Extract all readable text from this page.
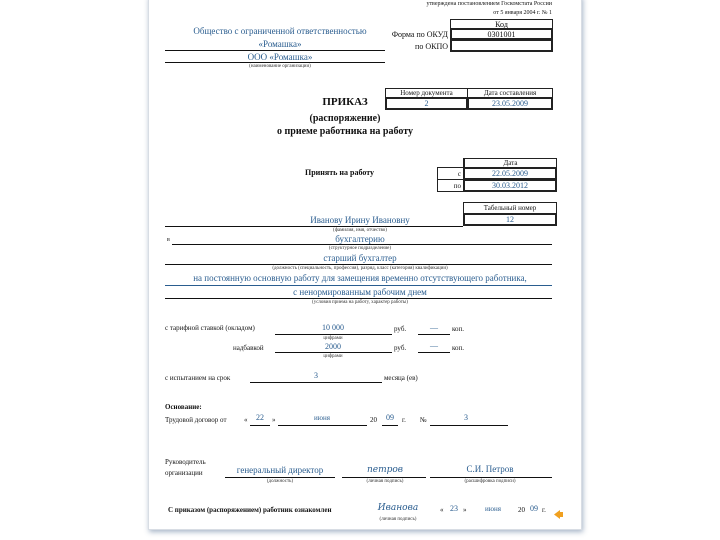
утверждена постановлением Госкомстата России
от 5 января 2004 г. № 1
Общество с ограниченной ответственностью
«Ромашка»
ООО «Ромашка»
(наименование организации)
Код
Форма по ОКУД	0301001
по ОКПО
Номер документа	Дата составления
2	23.05.2009
ПРИКАЗ
(распоряжение)
о приеме работника на работу
Принять на работу
Дата
с	22.05.2009
по	30.03.2012
Табельный номер
12
Иванову Ирину Ивановну
(фамилия, имя, отчество)
в	бухгалтерию
(структурное подразделение)
старший бухгалтер
(должность (специальность, профессия), разряд, класс (категория) квалификации)
на постоянную основную работу для замещения временно отсутствующего работника,
с ненормированным рабочим днем
(условия приема на работу, характер работы)
с тарифной ставкой (окладом)	10 000
цифрами
руб.	— коп.
надбавкой	2000
цифрами
руб.	— коп.
с испытанием на срок	3	месяца (ев)
Основание:
Трудовой договор от « 22 »	июня	20 09 г. №	3
Руководитель
организации	генеральный директор
(должность)
петров
(личная подпись)
С.И. Петров
(расшифровка подписи)
С приказом (распоряжением) работник ознакомлен	Иванова
(личная подпись)
« 23 »	июня 20 09 г.
